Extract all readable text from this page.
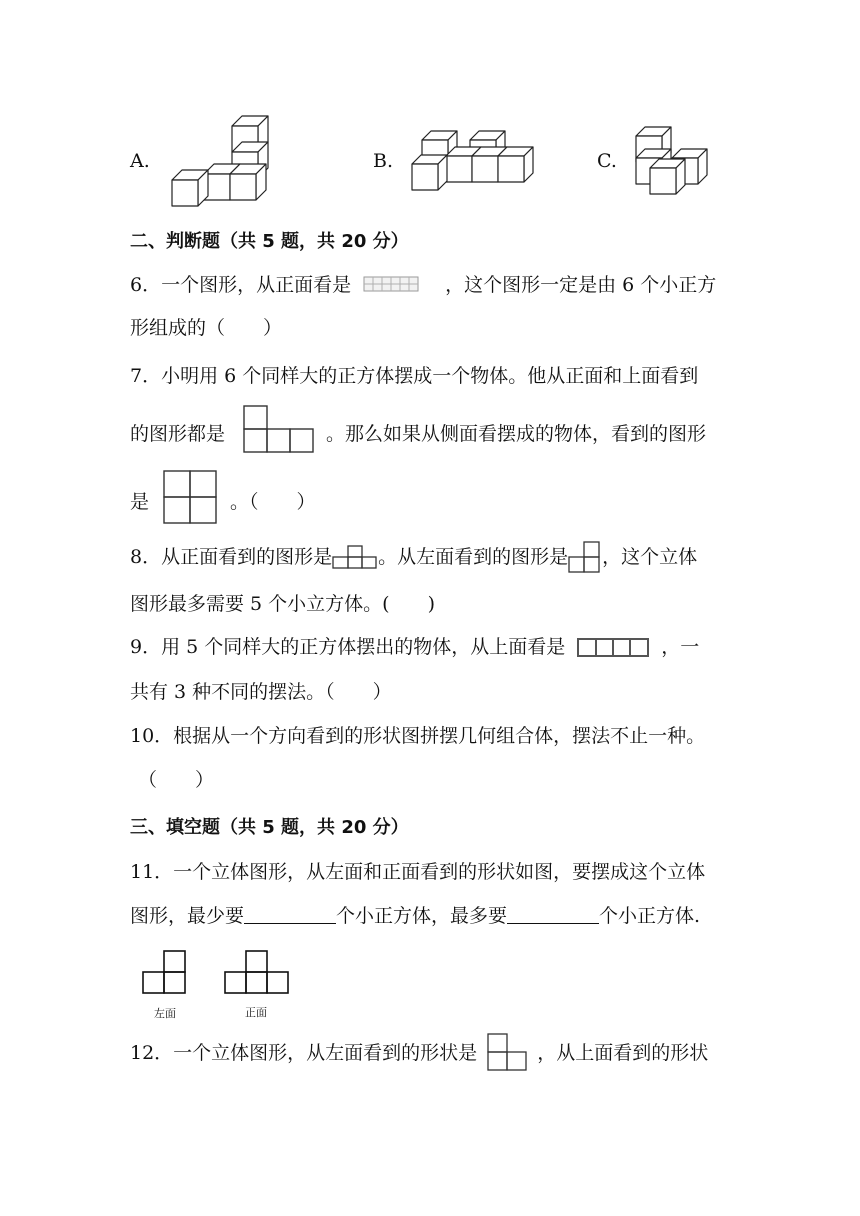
A.	B.	C.
二、判断题（共 5 题，共 20 分）
6．一个图形，从正面看是	，这个图形一定是由 6 个小正方
形组成的（　　）
7．小明用 6 个同样大的正方体摆成一个物体。他从正面和上面看到
的图形都是	。那么如果从侧面看摆成的物体，看到的图形
是	。（　　）
8．从正面看到的图形是 。从左面看到的图形是 ，这个立体
图形最多需要 5 个小立方体。(　　)
9．用 5 个同样大的正方体摆出的物体，从上面看是	，一
共有 3 种不同的摆法。（　　）
10．根据从一个方向看到的形状图拼摆几何组合体，摆法不止一种。
（　　）
三、填空题（共 5 题，共 20 分）
11．一个立体图形，从左面和正面看到的形状如图，要摆成这个立体
图形，最少要	个小正方体，最多要	个小正方体.
左面	正面
12．一个立体图形，从左面看到的形状是	，从上面看到的形状
